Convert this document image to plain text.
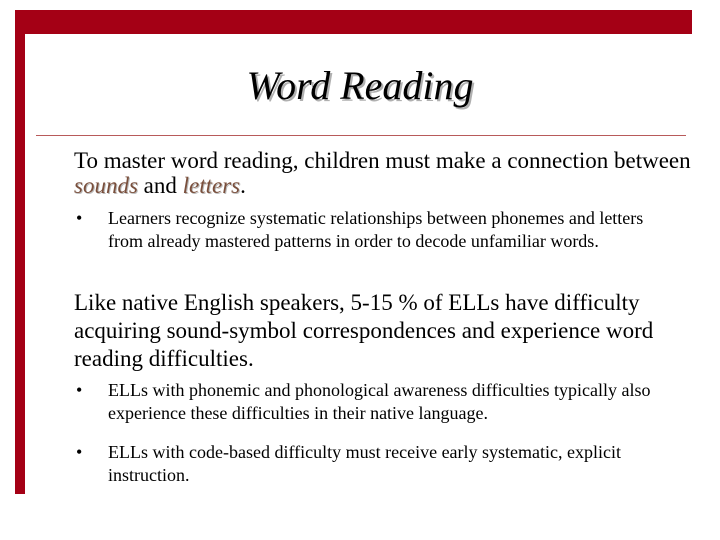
Word Reading

To master word reading, children must make a connection between sounds and letters.

• Learners recognize systematic relationships between phonemes and letters from already mastered patterns in order to decode unfamiliar words.

Like native English speakers, 5-15 % of ELLs have difficulty acquiring sound-symbol correspondences and experience word reading difficulties.

• ELLs with phonemic and phonological awareness difficulties typically also experience these difficulties in their native language.
• ELLs with code-based difficulty must receive early systematic, explicit instruction.
